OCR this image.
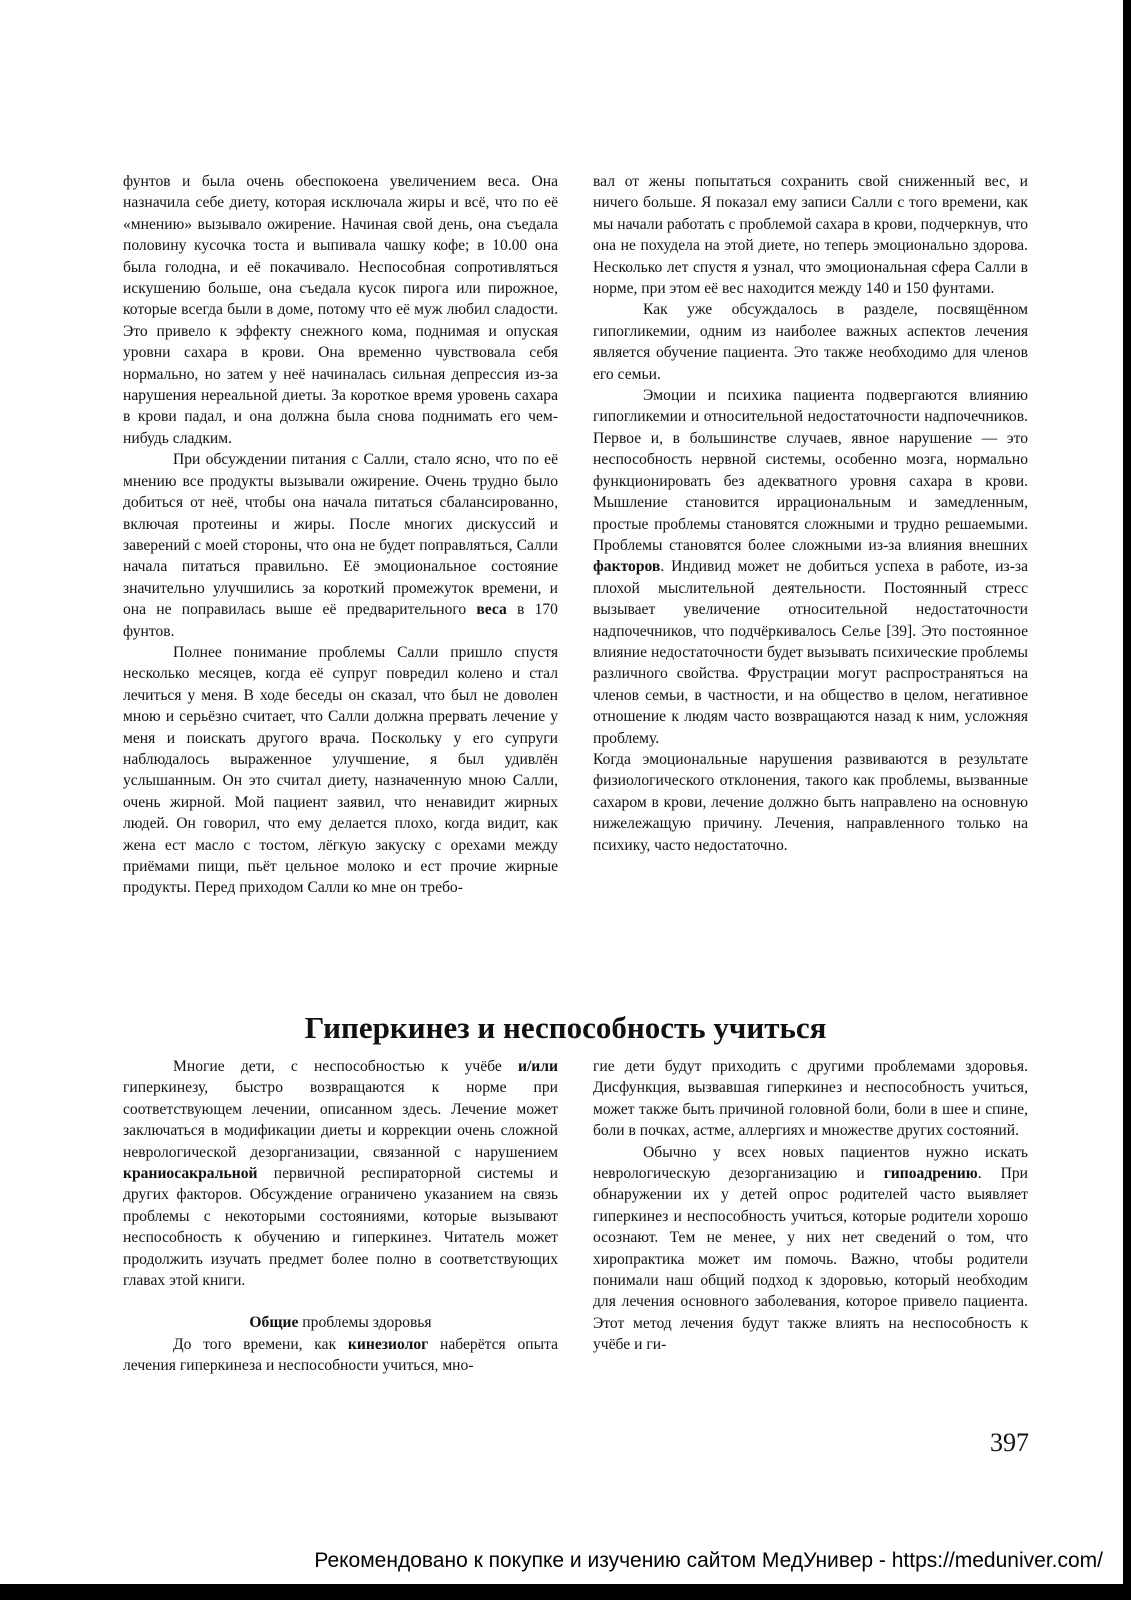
фунтов и была очень обеспокоена увеличением веса. Она назначила себе диету, которая исключала жиры и всё, что по её «мнению» вызывало ожирение. Начиная свой день, она съедала половину кусочка тоста и выпивала чашку кофе; в 10.00 она была голодна, и её покачивало. Неспособная сопротивляться искушению больше, она съедала кусок пирога или пирожное, которые всегда были в доме, потому что её муж любил сладости. Это привело к эффекту снежного кома, поднимая и опуская уровни сахара в крови. Она временно чувствовала себя нормально, но затем у неё начиналась сильная депрессия из-за нарушения нереальной диеты. За короткое время уровень сахара в крови падал, и она должна была снова поднимать его чем-нибудь сладким.

При обсуждении питания с Салли, стало ясно, что по её мнению все продукты вызывали ожирение. Очень трудно было добиться от неё, чтобы она начала питаться сбалансированно, включая протеины и жиры. После многих дискуссий и заверений с моей стороны, что она не будет поправляться, Салли начала питаться правильно. Её эмоциональное состояние значительно улучшились за короткий промежуток времени, и она не поправилась выше её предварительного веса в 170 фунтов.

Полнее понимание проблемы Салли пришло спустя несколько месяцев, когда её супруг повредил колено и стал лечиться у меня. В ходе беседы он сказал, что был не доволен мною и серьёзно считает, что Салли должна прервать лечение у меня и поискать другого врача. Поскольку у его супруги наблюдалось выраженное улучшение, я был удивлён услышанным. Он это считал диету, назначенную мною Салли, очень жирной. Мой пациент заявил, что ненавидит жирных людей. Он говорил, что ему делается плохо, когда видит, как жена ест масло с тостом, лёгкую закуску с орехами между приёмами пищи, пьёт цельное молоко и ест прочие жирные продукты. Перед приходом Салли ко мне он требо-

вал от жены попытаться сохранить свой сниженный вес, и ничего больше. Я показал ему записи Салли с того времени, как мы начали работать с проблемой сахара в крови, подчеркнув, что она не похудела на этой диете, но теперь эмоционально здорова. Несколько лет спустя я узнал, что эмоциональная сфера Салли в норме, при этом её вес находится между 140 и 150 фунтами.

Как уже обсуждалось в разделе, посвящённом гипогликемии, одним из наиболее важных аспектов лечения является обучение пациента. Это также необходимо для членов его семьи.

Эмоции и психика пациента подвергаются влиянию гипогликемии и относительной недостаточности надпочечников. Первое и, в большинстве случаев, явное нарушение — это неспособность нервной системы, особенно мозга, нормально функционировать без адекватного уровня сахара в крови. Мышление становится иррациональным и замедленным, простые проблемы становятся сложными и трудно решаемыми. Проблемы становятся более сложными из-за влияния внешних факторов. Индивид может не добиться успеха в работе, из-за плохой мыслительной деятельности. Постоянный стресс вызывает увеличение относительной недостаточности надпочечников, что подчёркивалось Селье [39]. Это постоянное влияние недостаточности будет вызывать психические проблемы различного свойства. Фрустрации могут распространяться на членов семьи, в частности, и на общество в целом, негативное отношение к людям часто возвращаются назад к ним, усложняя проблему.

Когда эмоциональные нарушения развиваются в результате физиологического отклонения, такого как проблемы, вызванные сахаром в крови, лечение должно быть направлено на основную нижележащую причину. Лечения, направленного только на психику, часто недостаточно.

Гиперкинез и неспособность учиться

Многие дети, с неспособностью к учёбе и/или гиперкинезу, быстро возвращаются к норме при соответствующем лечении, описанном здесь. Лечение может заключаться в модификации диеты и коррекции очень сложной неврологической дезорганизации, связанной с нарушением краниосакральной первичной респираторной системы и других факторов. Обсуждение ограничено указанием на связь проблемы с некоторыми состояниями, которые вызывают неспособность к обучению и гиперкинез. Читатель может продолжить изучать предмет более полно в соответствующих главах этой книги.

Общие проблемы здоровья

До того времени, как кинезиолог наберётся опыта лечения гиперкинеза и неспособности учиться, мно-

гие дети будут приходить с другими проблемами здоровья. Дисфункция, вызвавшая гиперкинез и неспособность учиться, может также быть причиной головной боли, боли в шее и спине, боли в почках, астме, аллергиях и множестве других состояний.

Обычно у всех новых пациентов нужно искать неврологическую дезорганизацию и гипоадрению. При обнаружении их у детей опрос родителей часто выявляет гиперкинез и неспособность учиться, которые родители хорошо осознают. Тем не менее, у них нет сведений о том, что хиропрактика может им помочь. Важно, чтобы родители понимали наш общий подход к здоровью, который необходим для лечения основного заболевания, которое привело пациента. Этот метод лечения будут также влиять на неспособность к учёбе и ги-

397
Рекомендовано к покупке и изучению сайтом МедУнивер - https://meduniver.com/
